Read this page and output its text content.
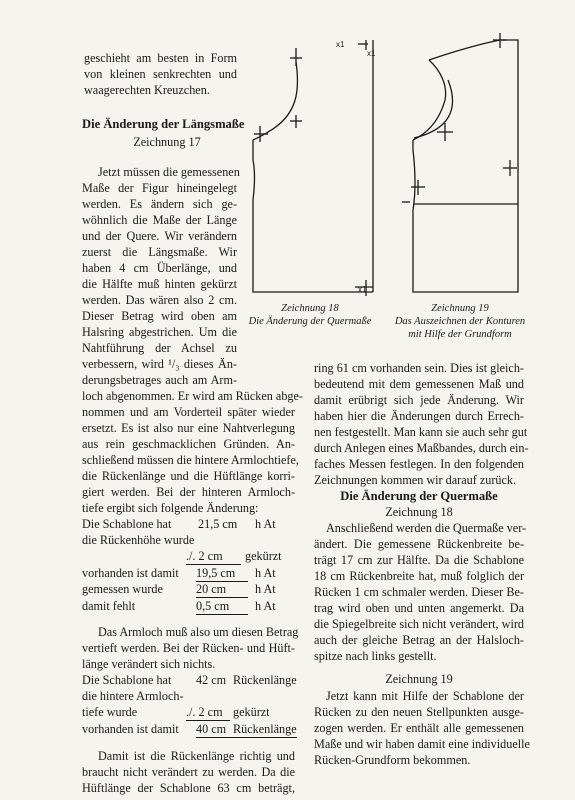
geschieht am besten in Form
von kleinen senkrechten und
waagerechten Kreuzchen.
Die Änderung der Längsmaße
Zeichnung 17
Jetzt müssen die gemessenen
Maße der Figur hineingelegt
werden. Es ändern sich ge-
wöhnlich die Maße der Länge
und der Quere. Wir verändern
zuerst die Längsmaße. Wir
haben 4 cm Überlänge, und
die Hälfte muß hinten gekürzt
werden. Das wären also 2 cm.
Dieser Betrag wird oben am
Halsring abgestrichen. Um die
Nahtführung der Achsel zu
verbessern, wird ¹/₃ dieses Än-
derungsbetrages auch am Arm-
loch abgenommen. Er wird am Rücken abge-
nommen und am Vorderteil später wieder
ersetzt. Es ist also nur eine Nahtverlegung
aus rein geschmacklichen Gründen. An-
schließend müssen die hintere Armlochtiefe,
die Rückenlänge und die Hüftlänge korri-
giert werden. Bei der hinteren Armloch-
tiefe ergibt sich folgende Änderung:
Die Schablone hat 21,5 cm h At
die Rückenhöhe wurde
./. 2 cm	gekürzt
vorhanden ist damit 19,5 cm	h At
gemessen wurde	20 cm	h At
damit fehlt	0,5 cm	h At
Das Armloch muß also um diesen Betrag
vertieft werden. Bei der Rücken- und Hüft-
länge verändert sich nichts.
Die Schablone hat 42 cm Rückenlänge
die hintere Armloch-
tiefe wurde	./. 2 cm gekürzt
vorhanden ist damit 40 cm Rückenlänge
Damit ist die Rückenlänge richtig und
braucht nicht verändert zu werden. Da die
Hüftlänge der Schablone 63 cm beträgt,
ring 61 cm vorhanden sein. Dies ist gleich-
bedeutend mit dem gemessenen Maß und
damit erübrigt sich jede Änderung. Wir
haben hier die Änderungen durch Errech-
nen festgestellt. Man kann sie auch sehr gut
durch Anlegen eines Maßbandes, durch ein-
faches Messen festlegen. In den folgenden
Zeichnungen kommen wir darauf zurück.
Die Änderung der Quermaße
Zeichnung 18
Anschließend werden die Quermaße ver-
ändert. Die gemessene Rückenbreite be-
trägt 17 cm zur Hälfte. Da die Schablone
18 cm Rückenbreite hat, muß folglich der
Rücken 1 cm schmaler werden. Dieser Be-
trag wird oben und unten angemerkt. Da
die Spiegelbreite sich nicht verändert, wird
auch der gleiche Betrag an der Halsloch-
spitze nach links gestellt.
Zeichnung 19
Jetzt kann mit Hilfe der Schablone der
Rücken zu den neuen Stellpunkten ausge-
zogen werden. Er enthält alle gemessenen
Maße und wir haben damit eine individuelle
Rücken-Grundform bekommen.
Zeichnung 18
Die Änderung der Quermaße
Zeichnung 19
Das Auszeichnen der Konturen
mit Hilfe der Grundform
x1
x1
x1
